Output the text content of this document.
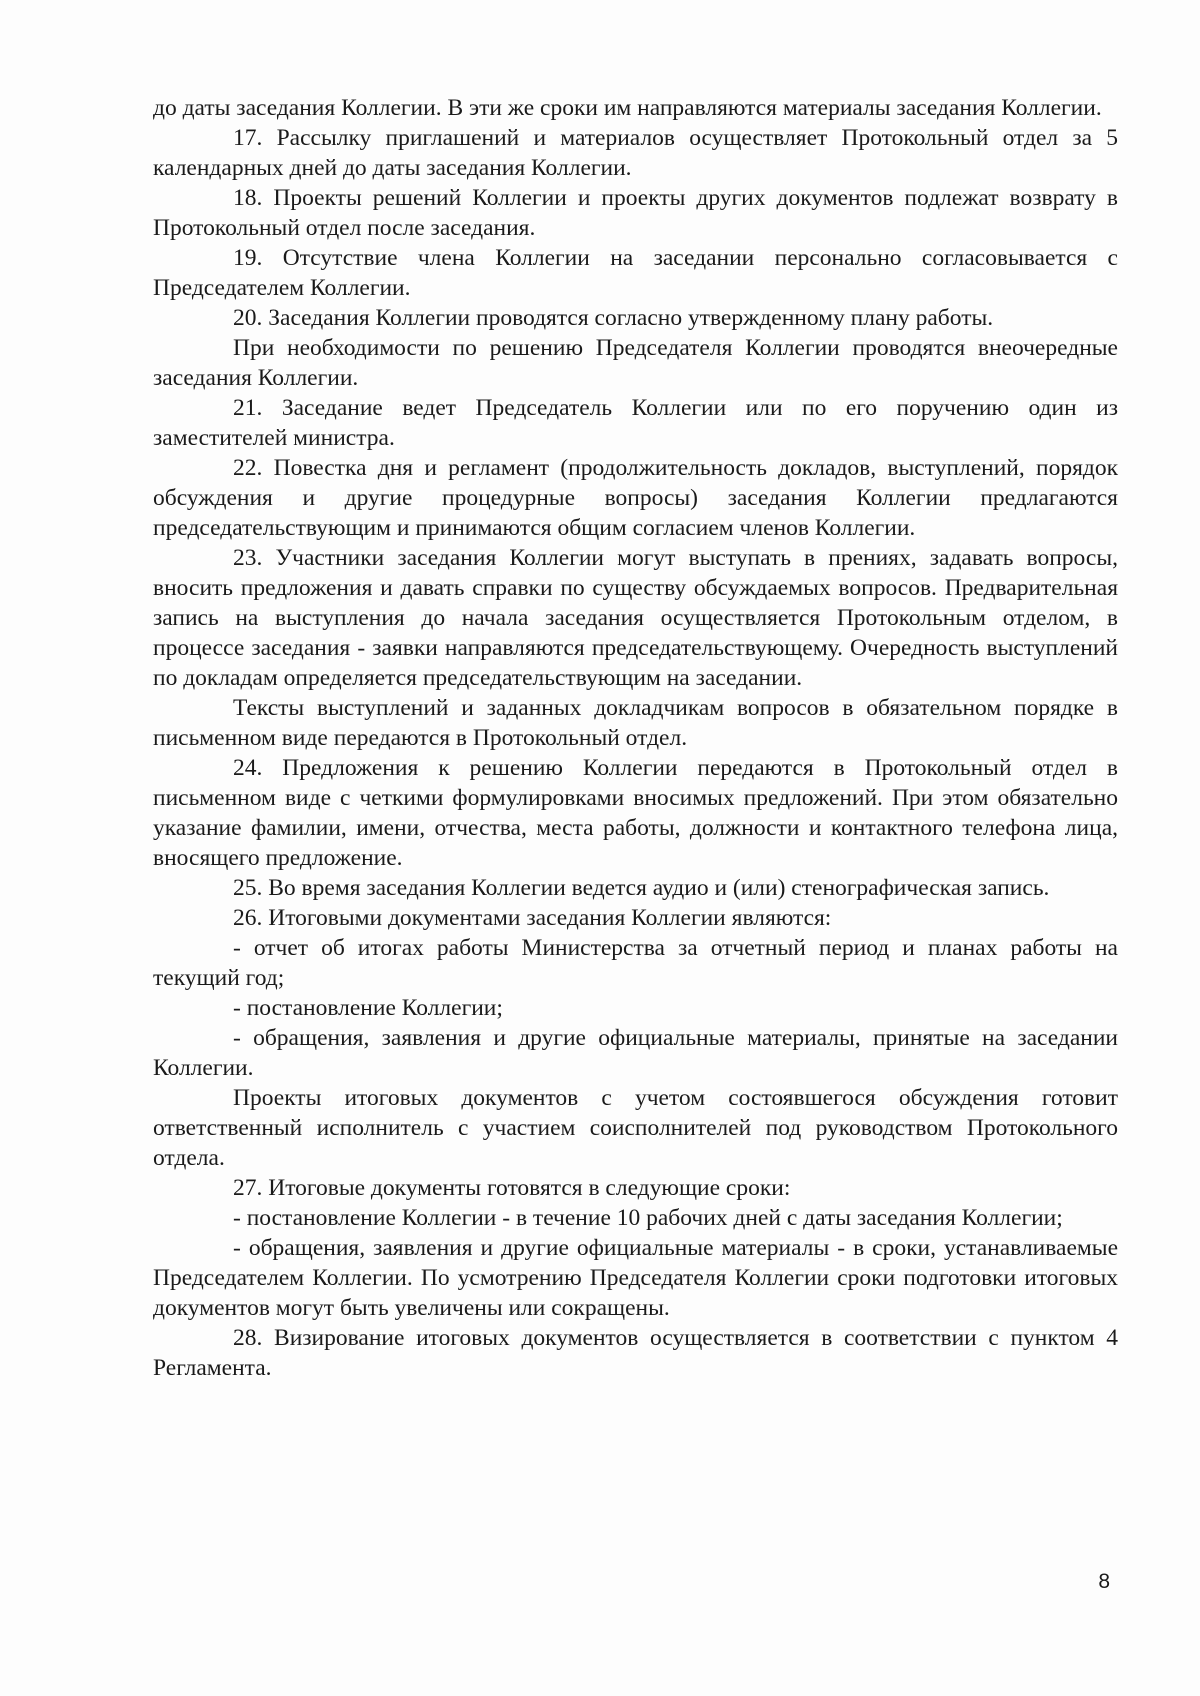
до даты заседания Коллегии. В эти же сроки им направляются материалы заседания Коллегии.

17. Рассылку приглашений и материалов осуществляет Протокольный отдел за 5 календарных дней до даты заседания Коллегии.

18. Проекты решений Коллегии и проекты других документов подлежат возврату в Протокольный отдел после заседания.

19. Отсутствие члена Коллегии на заседании персонально согласовывается с Председателем Коллегии.

20. Заседания Коллегии проводятся согласно утвержденному плану работы.

При необходимости по решению Председателя Коллегии проводятся внеочередные заседания Коллегии.

21. Заседание ведет Председатель Коллегии или по его поручению один из заместителей министра.

22. Повестка дня и регламент (продолжительность докладов, выступлений, порядок обсуждения и другие процедурные вопросы) заседания Коллегии предлагаются председательствующим и принимаются общим согласием членов Коллегии.

23. Участники заседания Коллегии могут выступать в прениях, задавать вопросы, вносить предложения и давать справки по существу обсуждаемых вопросов. Предварительная запись на выступления до начала заседания осуществляется Протокольным отделом, в процессе заседания - заявки направляются председательствующему. Очередность выступлений по докладам определяется председательствующим на заседании.

Тексты выступлений и заданных докладчикам вопросов в обязательном порядке в письменном виде передаются в Протокольный отдел.

24. Предложения к решению Коллегии передаются в Протокольный отдел в письменном виде с четкими формулировками вносимых предложений. При этом обязательно указание фамилии, имени, отчества, места работы, должности и контактного телефона лица, вносящего предложение.

25. Во время заседания Коллегии ведется аудио и (или) стенографическая запись.

26. Итоговыми документами заседания Коллегии являются:

- отчет об итогах работы Министерства за отчетный период и планах работы на текущий год;

- постановление Коллегии;

- обращения, заявления и другие официальные материалы, принятые на заседании Коллегии.

Проекты итоговых документов с учетом состоявшегося обсуждения готовит ответственный исполнитель с участием соисполнителей под руководством Протокольного отдела.

27. Итоговые документы готовятся в следующие сроки:

- постановление Коллегии - в течение 10 рабочих дней с даты заседания Коллегии;

- обращения, заявления и другие официальные материалы - в сроки, устанавливаемые Председателем Коллегии. По усмотрению Председателя Коллегии сроки подготовки итоговых документов могут быть увеличены или сокращены.

28. Визирование итоговых документов осуществляется в соответствии с пунктом 4 Регламента.

8
